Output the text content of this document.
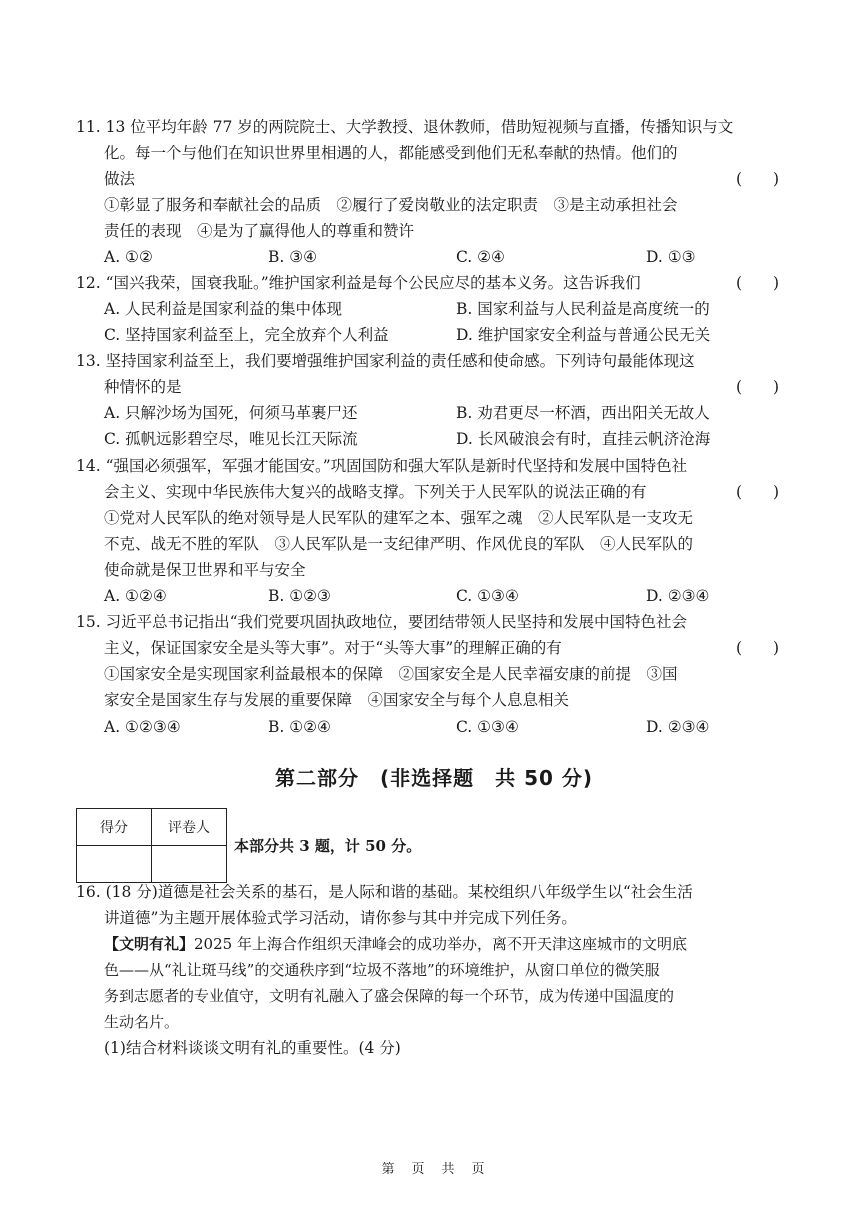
11. 13 位平均年龄 77 岁的两院院士、大学教授、退休教师，借助短视频与直播，传播知识与文
化。每一个与他们在知识世界里相遇的人，都能感受到他们无私奉献的热情。他们的
做法	(　　)
①彰显了服务和奉献社会的品质　②履行了爱岗敬业的法定职责　③是主动承担社会
责任的表现　④是为了赢得他人的尊重和赞许
A. ①②	B. ③④	C. ②④	D. ①③
12. “国兴我荣，国衰我耻。”维护国家利益是每个公民应尽的基本义务。这告诉我们	(　　)
A. 人民利益是国家利益的集中体现	B. 国家利益与人民利益是高度统一的
C. 坚持国家利益至上，完全放弃个人利益	D. 维护国家安全利益与普通公民无关
13. 坚持国家利益至上，我们要增强维护国家利益的责任感和使命感。下列诗句最能体现这
种情怀的是	(　　)
A. 只解沙场为国死，何须马革裹尸还	B. 劝君更尽一杯酒，西出阳关无故人
C. 孤帆远影碧空尽，唯见长江天际流	D. 长风破浪会有时，直挂云帆济沧海
14. “强国必须强军，军强才能国安。”巩固国防和强大军队是新时代坚持和发展中国特色社
会主义、实现中华民族伟大复兴的战略支撑。下列关于人民军队的说法正确的有	(　　)
①党对人民军队的绝对领导是人民军队的建军之本、强军之魂　②人民军队是一支攻无
不克、战无不胜的军队　③人民军队是一支纪律严明、作风优良的军队　④人民军队的
使命就是保卫世界和平与安全
A. ①②④	B. ①②③	C. ①③④	D. ②③④
15. 习近平总书记指出“我们党要巩固执政地位，要团结带领人民坚持和发展中国特色社会
主义，保证国家安全是头等大事”。对于“头等大事”的理解正确的有	(　　)
①国家安全是实现国家利益最根本的保障　②国家安全是人民幸福安康的前提　③国
家安全是国家生存与发展的重要保障　④国家安全与每个人息息相关
A. ①②③④	B. ①②④	C. ①③④	D. ②③④
第二部分　(非选择题　共 50 分)
得分	评卷人

本部分共 3 题，计 50 分。
16. (18 分)道德是社会关系的基石，是人际和谐的基础。某校组织八年级学生以“社会生活
讲道德”为主题开展体验式学习活动，请你参与其中并完成下列任务。
【文明有礼】2025 年上海合作组织天津峰会的成功举办，离不开天津这座城市的文明底
色——从“礼让斑马线”的交通秩序到“垃圾不落地”的环境维护，从窗口单位的微笑服
务到志愿者的专业值守，文明有礼融入了盛会保障的每一个环节，成为传递中国温度的
生动名片。
(1)结合材料谈谈文明有礼的重要性。(4 分)
第　页　共　页
